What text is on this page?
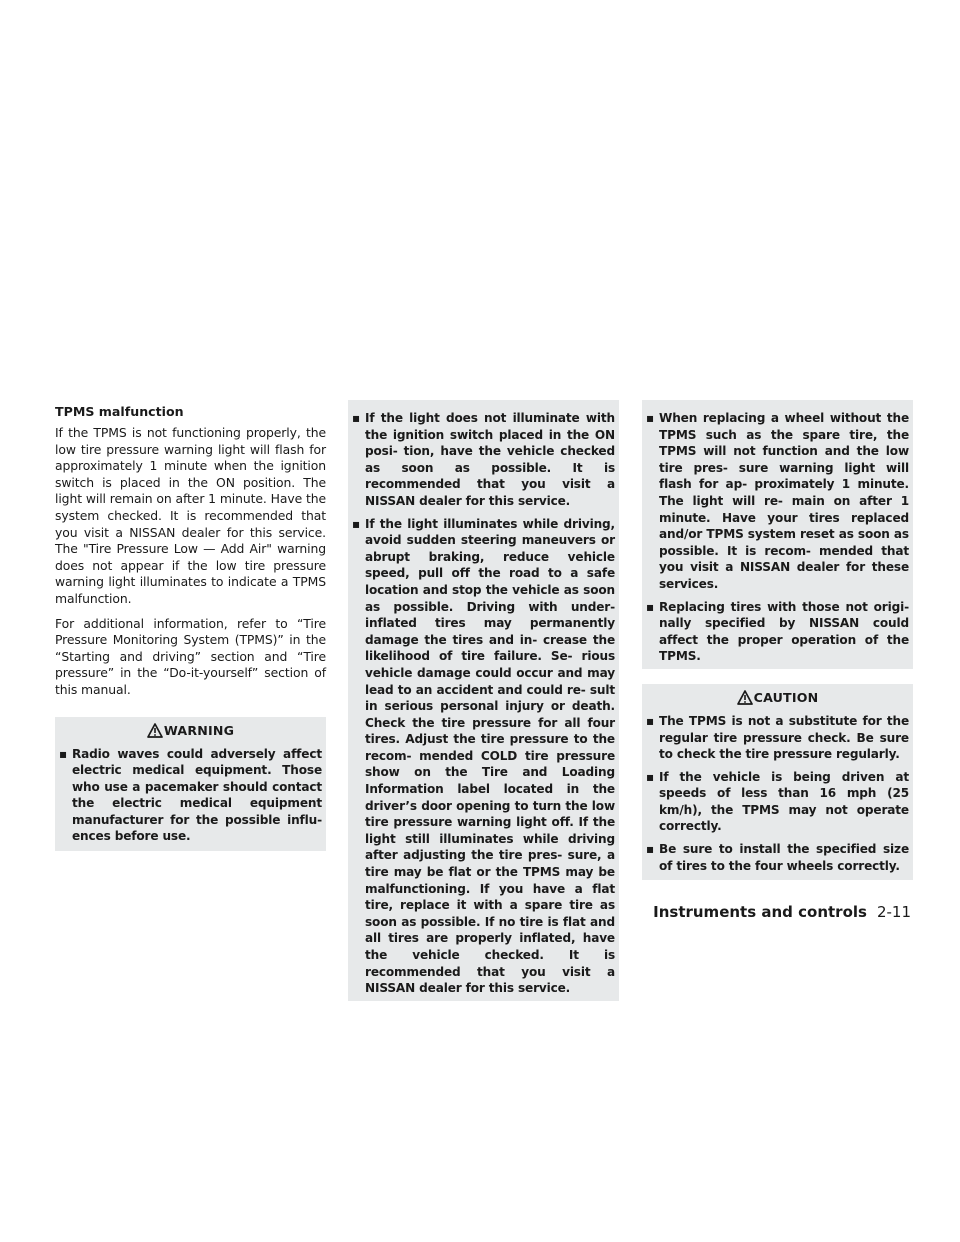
TPMS malfunction

If the TPMS is not functioning properly, the low tire pressure warning light will flash for approximately 1 minute when the ignition switch is placed in the ON position. The light will remain on after 1 minute. Have the system checked. It is recommended that you visit a NISSAN dealer for this service. The "Tire Pressure Low — Add Air" warning does not appear if the low tire pressure warning light illuminates to indicate a TPMS malfunction.

For additional information, refer to “Tire Pressure Monitoring System (TPMS)” in the “Starting and driving” section and “Tire pressure” in the “Do-it-yourself” section of this manual.

WARNING
▪ Radio waves could adversely affect electric medical equipment. Those who use a pacemaker should contact the electric medical equipment manufacturer for the possible influ- ences before use.
▪ If the light does not illuminate with the ignition switch placed in the ON posi- tion, have the vehicle checked as soon as possible. It is recommended that you visit a NISSAN dealer for this service.
▪ If the light illuminates while driving, avoid sudden steering maneuvers or abrupt braking, reduce vehicle speed, pull off the road to a safe location and stop the vehicle as soon as possible. Driving with under-inflated tires may permanently damage the tires and in- crease the likelihood of tire failure. Se- rious vehicle damage could occur and may lead to an accident and could re- sult in serious personal injury or death. Check the tire pressure for all four tires. Adjust the tire pressure to the recom- mended COLD tire pressure show on the Tire and Loading Information label located in the driver’s door opening to turn the low tire pressure warning light off. If the light still illuminates while driving after adjusting the tire pres- sure, a tire may be flat or the TPMS may be malfunctioning. If you have a flat tire, replace it with a spare tire as soon as possible. If no tire is flat and all tires are properly inflated, have the vehicle checked. It is recommended that you visit a NISSAN dealer for this service.
▪ When replacing a wheel without the TPMS such as the spare tire, the TPMS will not function and the low tire pres- sure warning light will flash for ap- proximately 1 minute. The light will re- main on after 1 minute. Have your tires replaced and/or TPMS system reset as soon as possible. It is recom- mended that you visit a NISSAN dealer for these services.
▪ Replacing tires with those not origi- nally specified by NISSAN could affect the proper operation of the TPMS.
CAUTION
▪ The TPMS is not a substitute for the regular tire pressure check. Be sure to check the tire pressure regularly.
▪ If the vehicle is being driven at speeds of less than 16 mph (25 km/h), the TPMS may not operate correctly.
▪ Be sure to install the specified size of tires to the four wheels correctly.
Instruments and controls 2-11
